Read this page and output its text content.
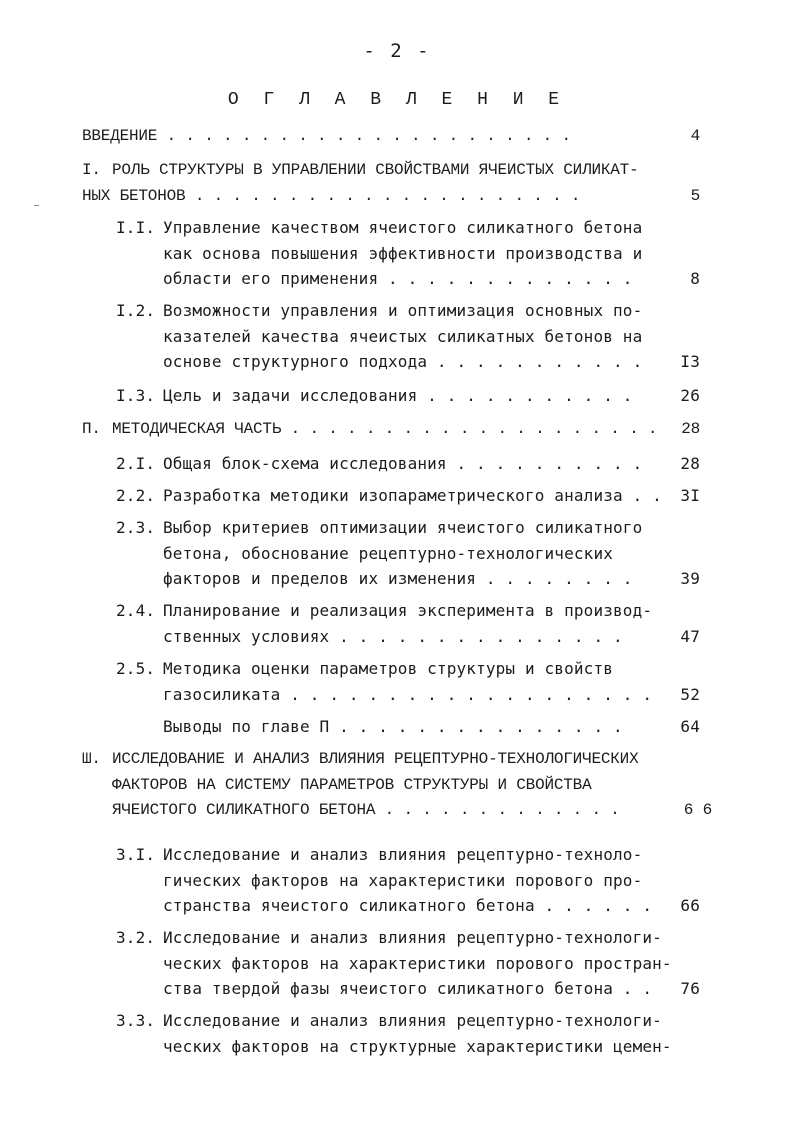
- 2 -
О Г Л А В Л Е Н И Е
ВВЕДЕНИЕ . . . . . . . . . . . . . . . . . . . . . .	4
I. РОЛЬ СТРУКТУРЫ В УПРАВЛЕНИИ СВОЙСТВАМИ ЯЧЕИСТЫХ СИЛИКАТ-
НЫХ БЕТОНОВ . . . . . . . . . . . . . . . . . . . . .	5
I.I. Управление качеством ячеистого силикатного бетона
как основа повышения эффективности производства и
области его применения . . . . . . . . . . . . .	8
I.2. Возможности управления и оптимизация основных по-
казателей качества ячеистых силикатных бетонов на
основе структурного подхода . . . . . . . . . . . I3
I.3. Цель и задачи исследования . . . . . . . . . . .	26
П. МЕТОДИЧЕСКАЯ ЧАСТЬ . . . . . . . . . . . . . . . . . . . . 28
2.I. Общая блок-схема исследования . . . . . . . . . . 28
2.2. Разработка методики изопараметрического анализа . . 3I
2.3. Выбор критериев оптимизации ячеистого силикатного
бетона, обоснование рецептурно-технологических
факторов и пределов их изменения . . . . . . . .	39
2.4. Планирование и реализация эксперимента в производ-
ственных условиях . . . . . . . . . . . . . . .	47
2.5. Методика оценки параметров структуры и свойств
газосиликата . . . . . . . . . . . . . . . . . . . 52
Выводы по главе П . . . . . . . . . . . . . . .	64
Ш. ИССЛЕДОВАНИЕ И АНАЛИЗ ВЛИЯНИЯ РЕЦЕПТУРНО-ТЕХНОЛОГИЧЕСКИХ
ФАКТОРОВ НА СИСТЕМУ ПАРАМЕТРОВ СТРУКТУРЫ И СВОЙСТВА
ЯЧЕИСТОГО СИЛИКАТНОГО БЕТОНА . . . . . . . . . . . . .	6 6
3.I. Исследование и анализ влияния рецептурно-техноло-
гических факторов на характеристики порового про-
странства ячеистого силикатного бетона . . . . . . 66
3.2. Исследование и анализ влияния рецептурно-технологи-
ческих факторов на характеристики порового простран-
ства твердой фазы ячеистого силикатного бетона . . 76
3.3. Исследование и анализ влияния рецептурно-технологи-
ческих факторов на структурные характеристики цемен-
